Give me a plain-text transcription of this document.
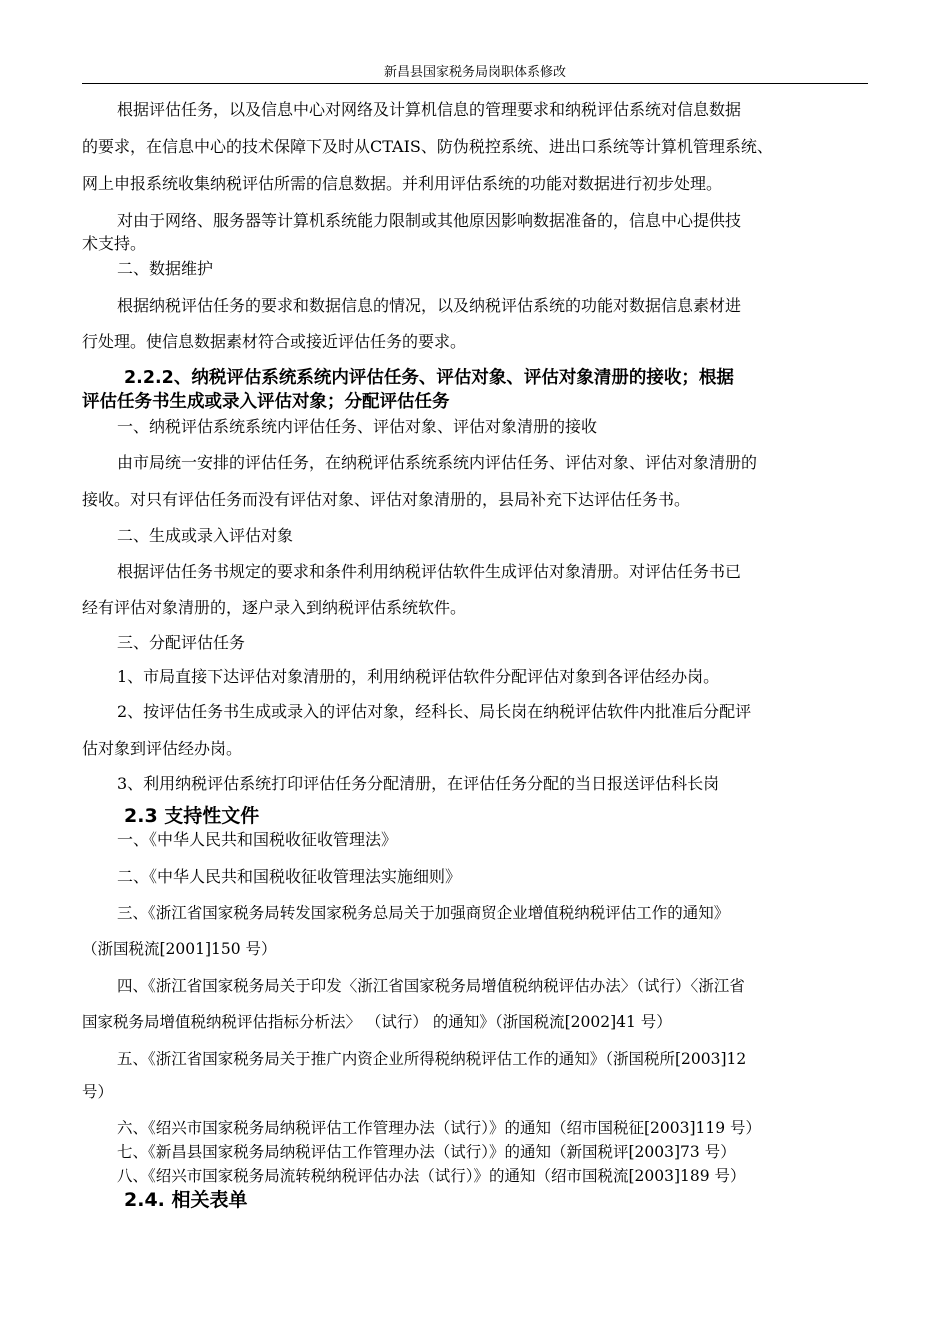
新昌县国家税务局岗职体系修改
根据评估任务，以及信息中心对网络及计算机信息的管理要求和纳税评估系统对信息数据
的要求，在信息中心的技术保障下及时从CTAIS、防伪税控系统、进出口系统等计算机管理系统、
网上申报系统收集纳税评估所需的信息数据。并利用评估系统的功能对数据进行初步处理。
对由于网络、服务器等计算机系统能力限制或其他原因影响数据准备的，信息中心提供技
术支持。
二、数据维护
根据纳税评估任务的要求和数据信息的情况，以及纳税评估系统的功能对数据信息素材进
行处理。使信息数据素材符合或接近评估任务的要求。
2.2.2、纳税评估系统系统内评估任务、评估对象、评估对象清册的接收；根据
评估任务书生成或录入评估对象；分配评估任务
一、纳税评估系统系统内评估任务、评估对象、评估对象清册的接收
由市局统一安排的评估任务，在纳税评估系统系统内评估任务、评估对象、评估对象清册的
接收。对只有评估任务而没有评估对象、评估对象清册的，县局补充下达评估任务书。
二、生成或录入评估对象
根据评估任务书规定的要求和条件利用纳税评估软件生成评估对象清册。对评估任务书已
经有评估对象清册的，逐户录入到纳税评估系统软件。
三、分配评估任务
1、市局直接下达评估对象清册的，利用纳税评估软件分配评估对象到各评估经办岗。
2、按评估任务书生成或录入的评估对象，经科长、局长岗在纳税评估软件内批准后分配评
估对象到评估经办岗。
3、利用纳税评估系统打印评估任务分配清册，在评估任务分配的当日报送评估科长岗
2.3 支持性文件
一、《中华人民共和国税收征收管理法》
二、《中华人民共和国税收征收管理法实施细则》
三、《浙江省国家税务局转发国家税务总局关于加强商贸企业增值税纳税评估工作的通知》
（浙国税流[2001]150 号）
四、《浙江省国家税务局关于印发〈浙江省国家税务局增值税纳税评估办法〉（试行）〈浙江省
国家税务局增值税纳税评估指标分析法〉 （试行） 的通知》（浙国税流[2002]41 号）
五、《浙江省国家税务局关于推广内资企业所得税纳税评估工作的通知》（浙国税所[2003]12
号）
六、《绍兴市国家税务局纳税评估工作管理办法（试行）》的通知（绍市国税征[2003]119 号）
七、《新昌县国家税务局纳税评估工作管理办法（试行）》的通知（新国税评[2003]73 号）
八、《绍兴市国家税务局流转税纳税评估办法（试行）》的通知（绍市国税流[2003]189 号）
2.4. 相关表单
